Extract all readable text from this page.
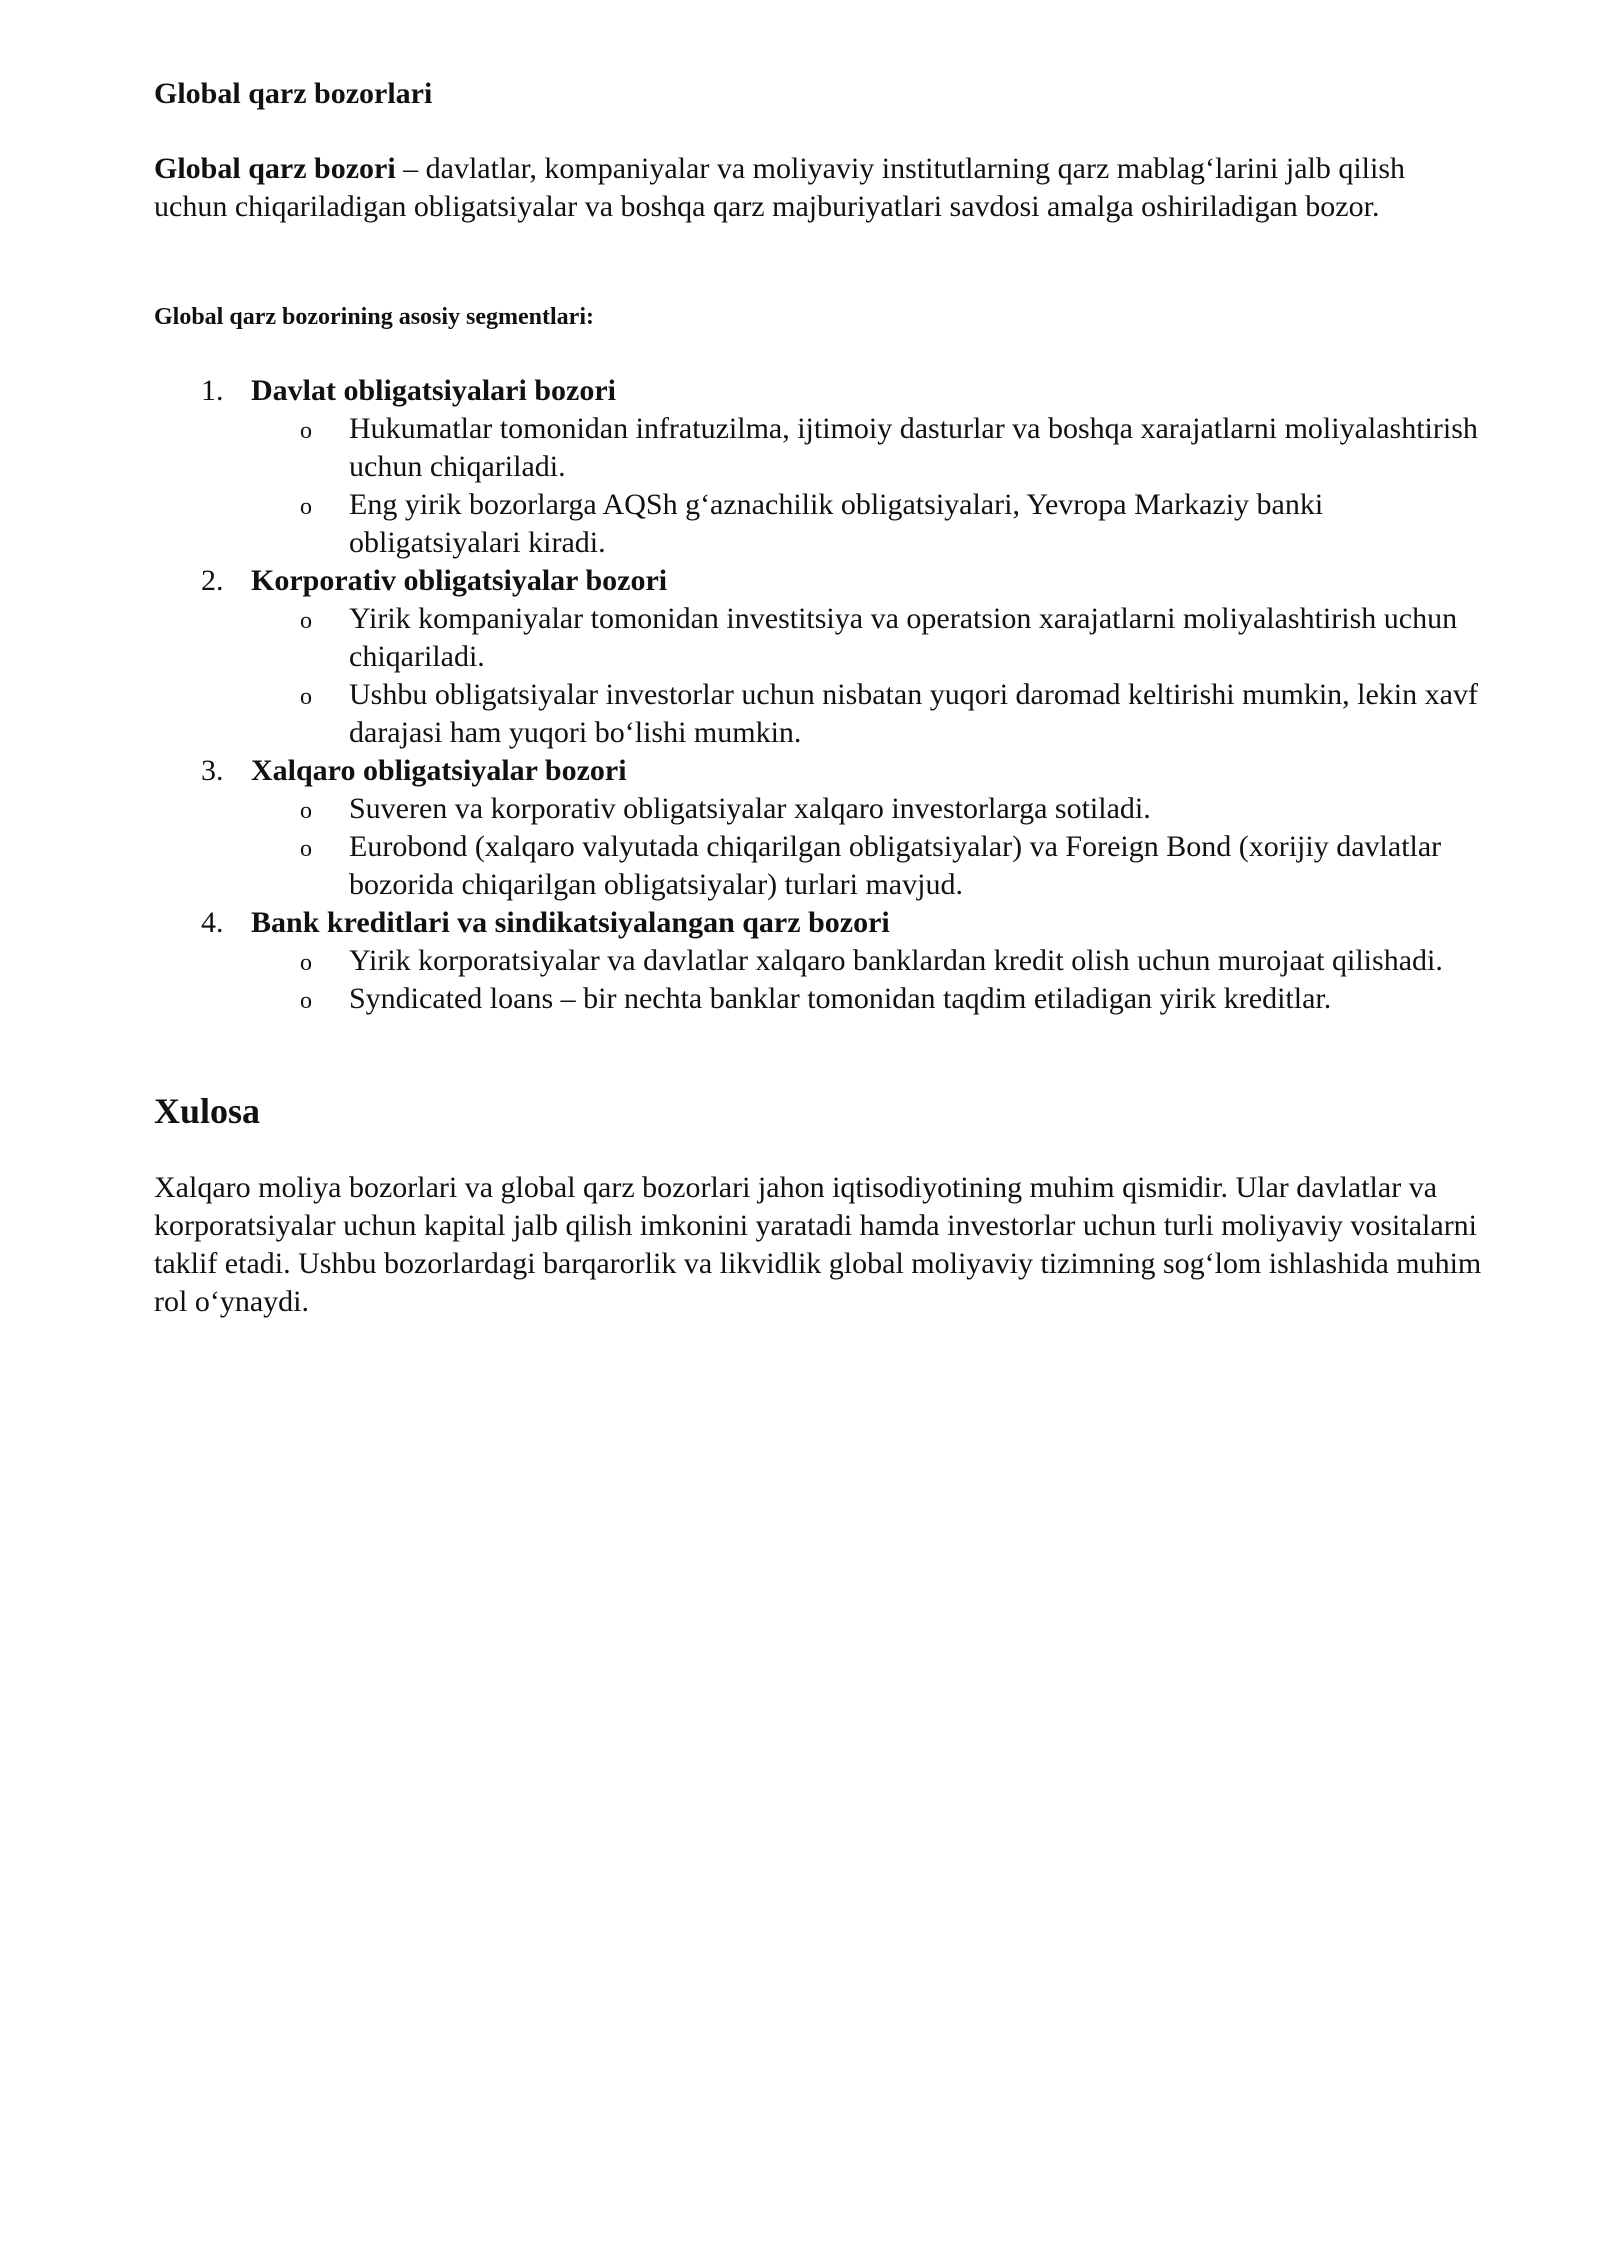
Global qarz bozorlari

Global qarz bozori – davlatlar, kompaniyalar va moliyaviy institutlarning qarz mablag‘larini jalb qilish uchun chiqariladigan obligatsiyalar va boshqa qarz majburiyatlari savdosi amalga oshiriladigan bozor.

Global qarz bozorining asosiy segmentlari:
1. Davlat obligatsiyalari bozori
o Hukumatlar tomonidan infratuzilma, ijtimoiy dasturlar va boshqa xarajatlarni moliyalashtirish uchun chiqariladi.
o Eng yirik bozorlarga AQSh g‘aznachilik obligatsiyalari, Yevropa Markaziy banki obligatsiyalari kiradi.
2. Korporativ obligatsiyalar bozori
o Yirik kompaniyalar tomonidan investitsiya va operatsion xarajatlarni moliyalashtirish uchun chiqariladi.
o Ushbu obligatsiyalar investorlar uchun nisbatan yuqori daromad keltirishi mumkin, lekin xavf darajasi ham yuqori bo‘lishi mumkin.
3. Xalqaro obligatsiyalar bozori
o Suveren va korporativ obligatsiyalar xalqaro investorlarga sotiladi.
o Eurobond (xalqaro valyutada chiqarilgan obligatsiyalar) va Foreign Bond (xorijiy davlatlar bozorida chiqarilgan obligatsiyalar) turlari mavjud.
4. Bank kreditlari va sindikatsiyalangan qarz bozori
o Yirik korporatsiyalar va davlatlar xalqaro banklardan kredit olish uchun murojaat qilishadi.
o Syndicated loans – bir nechta banklar tomonidan taqdim etiladigan yirik kreditlar.
Xulosa

Xalqaro moliya bozorlari va global qarz bozorlari jahon iqtisodiyotining muhim qismidir. Ular davlatlar va korporatsiyalar uchun kapital jalb qilish imkonini yaratadi hamda investorlar uchun turli moliyaviy vositalarni taklif etadi. Ushbu bozorlardagi barqarorlik va likvidlik global moliyaviy tizimning sog‘lom ishlashida muhim rol o‘ynaydi.
